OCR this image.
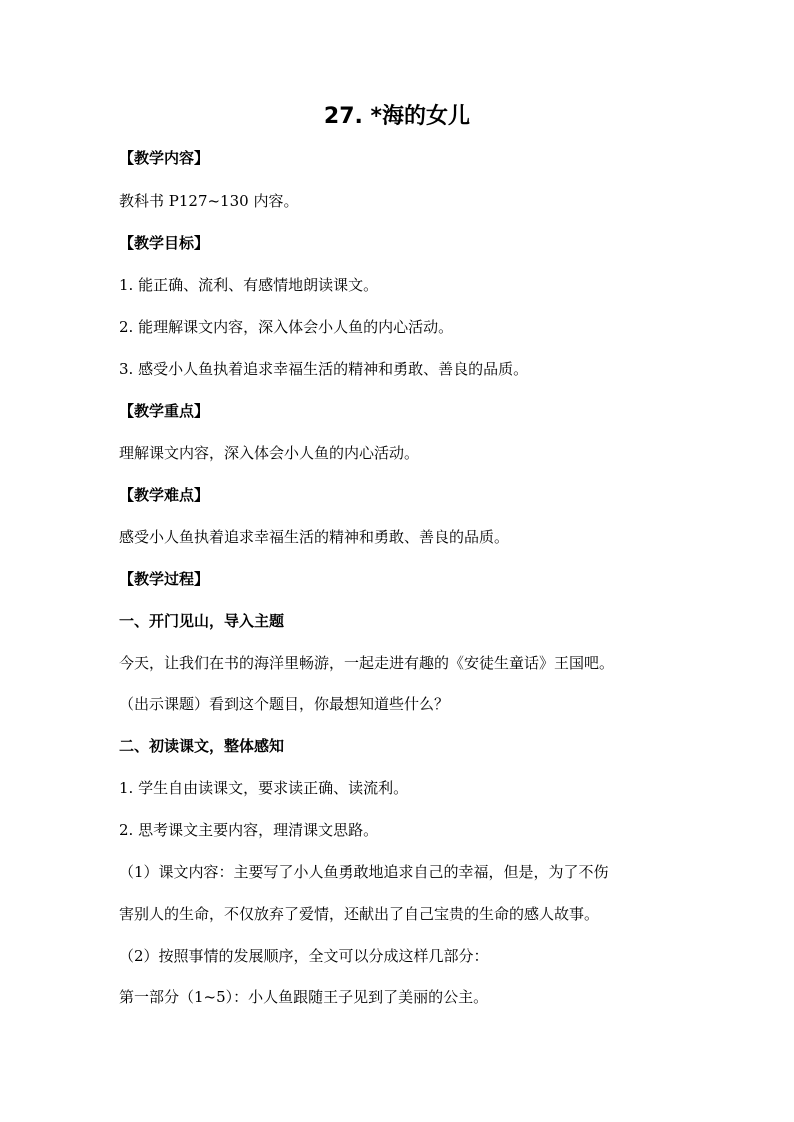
27. *海的女儿
【教学内容】
教科书 P127~130 内容。
【教学目标】
1. 能正确、流利、有感情地朗读课文。
2. 能理解课文内容，深入体会小人鱼的内心活动。
3. 感受小人鱼执着追求幸福生活的精神和勇敢、善良的品质。
【教学重点】
理解课文内容，深入体会小人鱼的内心活动。
【教学难点】
感受小人鱼执着追求幸福生活的精神和勇敢、善良的品质。
【教学过程】
一、开门见山，导入主题
今天，让我们在书的海洋里畅游，一起走进有趣的《安徒生童话》王国吧。
（出示课题）看到这个题目，你最想知道些什么？
二、初读课文，整体感知
1. 学生自由读课文，要求读正确、读流利。
2. 思考课文主要内容，理清课文思路。
（1）课文内容：主要写了小人鱼勇敢地追求自己的幸福，但是，为了不伤
害别人的生命，不仅放弃了爱情，还献出了自己宝贵的生命的感人故事。
（2）按照事情的发展顺序，全文可以分成这样几部分：
第一部分（1~5）：小人鱼跟随王子见到了美丽的公主。
